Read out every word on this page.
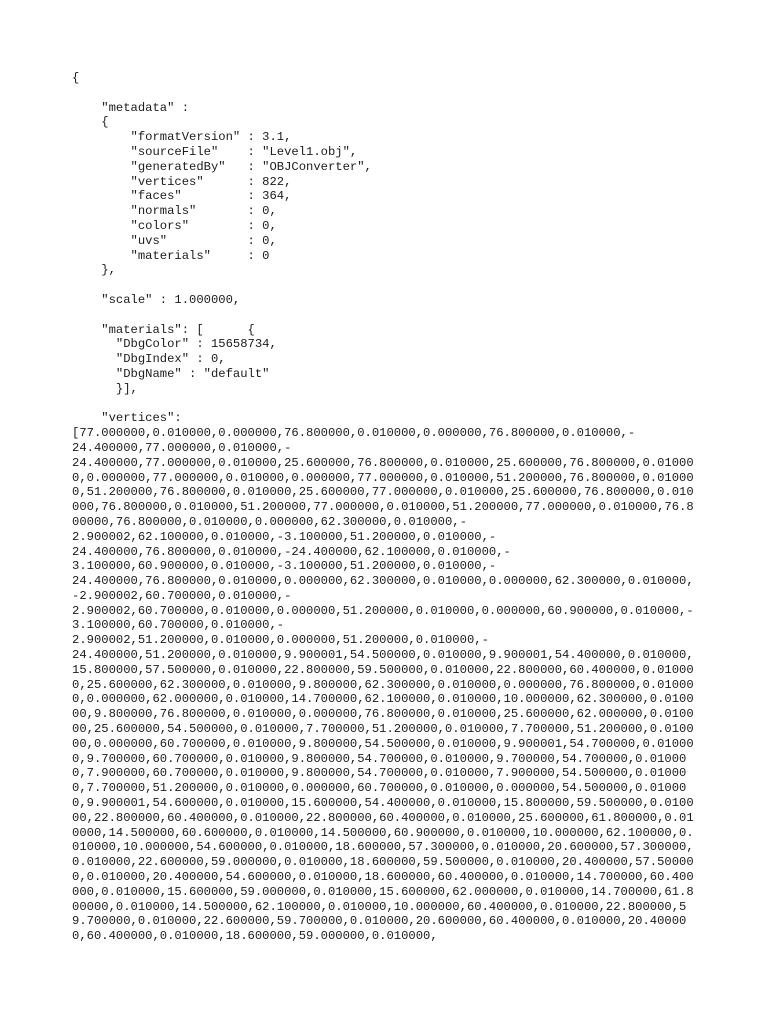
{
"metadata" :
{
"formatVersion" : 3.1,
"sourceFile"    : "Level1.obj",
"generatedBy"   : "OBJConverter",
"vertices"      : 822,
"faces"         : 364,
"normals"       : 0,
"colors"        : 0,
"uvs"           : 0,
"materials"     : 0
},
"scale" : 1.000000,
"materials": [      {
"DbgColor" : 15658734,
"DbgIndex" : 0,
"DbgName" : "default"
}],
"vertices":
[77.000000,0.010000,0.000000,76.800000,0.010000,0.000000,76.800000,0.010000,-
24.400000,77.000000,0.010000,-
24.400000,77.000000,0.010000,25.600000,76.800000,0.010000,25.600000,76.800000,0.010000,0.000000,77.000000,0.010000,0.000000,77.000000,0.010000,51.200000,76.800000,0.010000,51.200000,76.800000,0.010000,25.600000,77.000000,0.010000,25.600000,76.800000,0.010000,76.800000,0.010000,51.200000,77.000000,0.010000,51.200000,77.000000,0.010000,76.800000,76.800000,0.010000,0.000000,62.300000,0.010000,-
2.900002,62.100000,0.010000,-3.100000,51.200000,0.010000,-
24.400000,76.800000,0.010000,-24.400000,62.100000,0.010000,-
3.100000,60.900000,0.010000,-3.100000,51.200000,0.010000,-
24.400000,76.800000,0.010000,0.000000,62.300000,0.010000,0.000000,62.300000,0.010000,-2.900002,60.700000,0.010000,-
2.900002,60.700000,0.010000,0.000000,51.200000,0.010000,0.000000,60.900000,0.010000,-3.100000,60.700000,0.010000,-
2.900002,51.200000,0.010000,0.000000,51.200000,0.010000,-
24.400000,51.200000,0.010000,9.900001,54.500000,0.010000,9.900001,54.400000,0.010000,15.800000,57.500000,0.010000,22.800000,59.500000,0.010000,22.800000,60.400000,0.010000,25.600000,62.300000,0.010000,9.800000,62.300000,0.010000,0.000000,76.800000,0.010000,0.000000,62.000000,0.010000,14.700000,62.100000,0.010000,10.000000,62.300000,0.010000,9.800000,76.800000,0.010000,0.000000,76.800000,0.010000,25.600000,62.000000,0.010000,25.600000,54.500000,0.010000,7.700000,51.200000,0.010000,7.700000,51.200000,0.010000,0.000000,60.700000,0.010000,9.800000,54.500000,0.010000,9.900001,54.700000,0.010000,9.700000,60.700000,0.010000,9.800000,54.700000,0.010000,9.700000,54.700000,0.010000,7.900000,60.700000,0.010000,9.800000,54.700000,0.010000,7.900000,54.500000,0.010000,7.700000,51.200000,0.010000,0.000000,60.700000,0.010000,0.000000,54.500000,0.010000,9.900001,54.600000,0.010000,15.600000,54.400000,0.010000,15.800000,59.500000,0.010000,22.800000,60.400000,0.010000,22.800000,60.400000,0.010000,25.600000,61.800000,0.010000,14.500000,60.600000,0.010000,14.500000,60.900000,0.010000,10.000000,62.100000,0.010000,10.000000,54.600000,0.010000,18.600000,57.300000,0.010000,20.600000,57.300000,0.010000,22.600000,59.000000,0.010000,18.600000,59.500000,0.010000,20.400000,57.500000,0.010000,20.400000,54.600000,0.010000,18.600000,60.400000,0.010000,14.700000,60.400000,0.010000,15.600000,59.000000,0.010000,15.600000,62.000000,0.010000,14.700000,61.800000,0.010000,14.500000,62.100000,0.010000,10.000000,60.400000,0.010000,22.800000,59.700000,0.010000,22.600000,59.700000,0.010000,20.600000,60.400000,0.010000,20.400000,60.400000,0.010000,18.600000,59.000000,0.010000,
